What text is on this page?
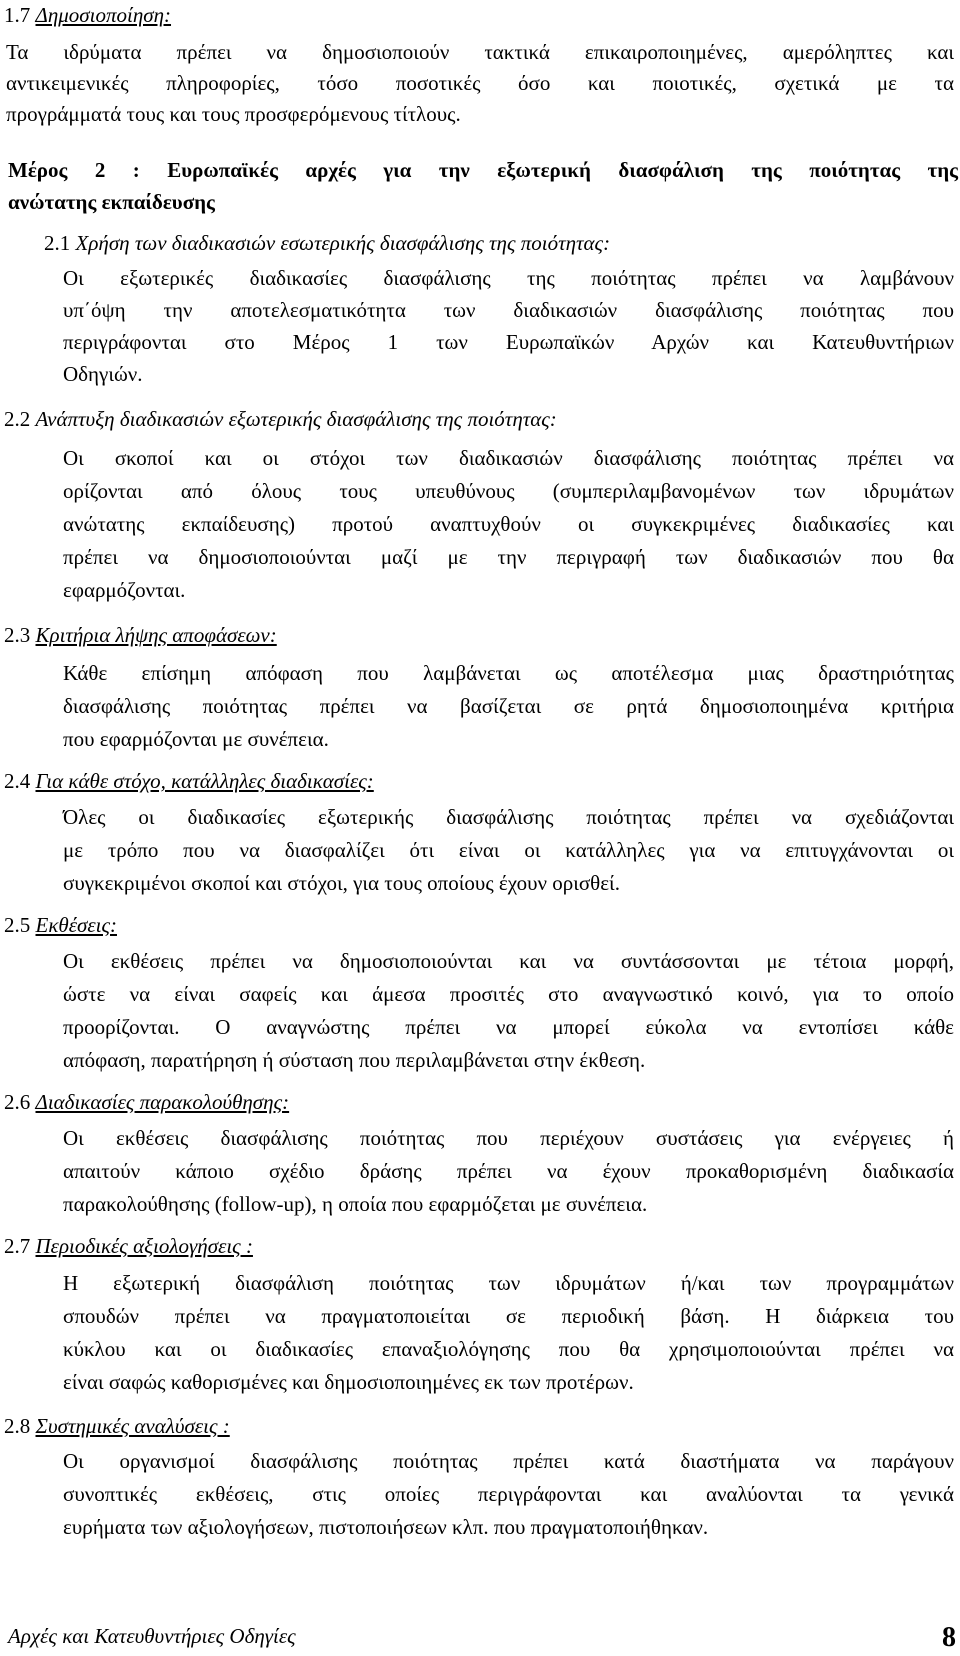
1.7 Δημοσιοποίηση:
Τα ιδρύματα πρέπει να δημοσιοποιούν τακτικά επικαιροποιημένες, αμερόληπτες και
αντικειμενικές πληροφορίες, τόσο ποσοτικές όσο και ποιοτικές, σχετικά με τα
προγράμματά τους και τους προσφερόμενους τίτλους.
Μέρος 2 : Ευρωπαϊκές αρχές για την εξωτερική διασφάλιση της ποιότητας της
ανώτατης εκπαίδευσης
2.1 Χρήση των διαδικασιών εσωτερικής διασφάλισης της ποιότητας:
Οι εξωτερικές διαδικασίες διασφάλισης της ποιότητας πρέπει να λαμβάνουν
υπ΄όψη την αποτελεσματικότητα των διαδικασιών διασφάλισης ποιότητας που
περιγράφονται στο Μέρος 1 των Ευρωπαϊκών Αρχών και Κατευθυντήριων
Οδηγιών.
2.2 Ανάπτυξη διαδικασιών εξωτερικής διασφάλισης της ποιότητας:
Οι σκοποί και οι στόχοι των διαδικασιών διασφάλισης ποιότητας πρέπει να
ορίζονται από όλους τους υπευθύνους (συμπεριλαμβανομένων των ιδρυμάτων
ανώτατης εκπαίδευσης) προτού αναπτυχθούν οι συγκεκριμένες διαδικασίες και
πρέπει να δημοσιοποιούνται μαζί με την περιγραφή των διαδικασιών που θα
εφαρμόζονται.
2.3 Κριτήρια λήψης αποφάσεων:
Κάθε επίσημη απόφαση που λαμβάνεται ως αποτέλεσμα μιας δραστηριότητας
διασφάλισης ποιότητας πρέπει να βασίζεται σε ρητά δημοσιοποιημένα κριτήρια
που εφαρμόζονται με συνέπεια.
2.4 Για κάθε στόχο, κατάλληλες διαδικασίες:
Όλες οι διαδικασίες εξωτερικής διασφάλισης ποιότητας πρέπει να σχεδιάζονται
με τρόπο που να διασφαλίζει ότι είναι οι κατάλληλες για να επιτυγχάνονται οι
συγκεκριμένοι σκοποί και στόχοι, για τους οποίους έχουν ορισθεί.
2.5 Εκθέσεις:
Οι εκθέσεις πρέπει να δημοσιοποιούνται και να συντάσσονται με τέτοια μορφή,
ώστε να είναι σαφείς και άμεσα προσιτές στο αναγνωστικό κοινό, για το οποίο
προορίζονται. Ο αναγνώστης πρέπει να μπορεί εύκολα να εντοπίσει κάθε
απόφαση, παρατήρηση ή σύσταση που περιλαμβάνεται στην έκθεση.
2.6 Διαδικασίες παρακολούθησης:
Οι εκθέσεις διασφάλισης ποιότητας που περιέχουν συστάσεις για ενέργειες ή
απαιτούν κάποιο σχέδιο δράσης πρέπει να έχουν προκαθορισμένη διαδικασία
παρακολούθησης (follow-up), η οποία που εφαρμόζεται με συνέπεια.
2.7 Περιοδικές αξιολογήσεις :
Η εξωτερική διασφάλιση ποιότητας των ιδρυμάτων ή/και των προγραμμάτων
σπουδών πρέπει να πραγματοποιείται σε περιοδική βάση. Η διάρκεια του
κύκλου και οι διαδικασίες επαναξιολόγησης που θα χρησιμοποιούνται πρέπει να
είναι σαφώς καθορισμένες και δημοσιοποιημένες εκ των προτέρων.
2.8 Συστημικές αναλύσεις :
Οι οργανισμοί διασφάλισης ποιότητας πρέπει κατά διαστήματα να παράγουν
συνοπτικές εκθέσεις, στις οποίες περιγράφονται και αναλύονται τα γενικά
ευρήματα των αξιολογήσεων, πιστοποιήσεων κλπ. που πραγματοποιήθηκαν.
Αρχές και Κατευθυντήριες Οδηγίες	8
